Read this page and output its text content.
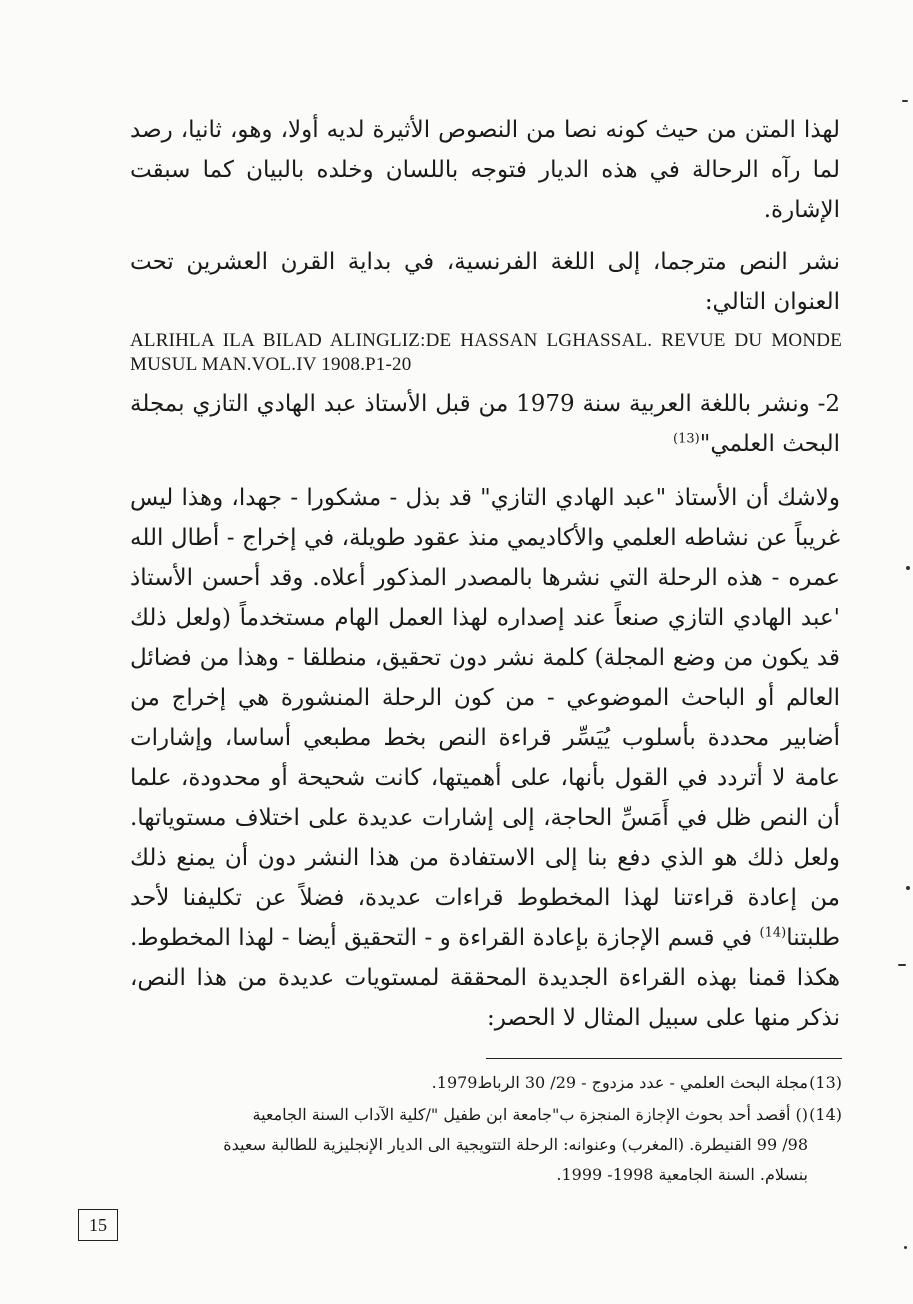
لهذا المتن من حيث كونه نصا من النصوص الأثيرة لديه أولا، وهو، ثانيا، رصد لما رآه الرحالة في هذه الديار فتوجه باللسان وخلده بالبيان كما سبقت الإشارة.

نشر النص مترجما، إلى اللغة الفرنسية، في بداية القرن العشرين تحت العنوان التالي:

ALRIHLA ILA BILAD ALINGLIZ:DE HASSAN LGHASSAL. REVUE DU MONDE MUSUL MAN.VOL.IV 1908.P1-20

2- ونشر باللغة العربية سنة 1979 من قبل الأستاذ عبد الهادي التازي بمجلة البحث العلمي"$^{(13)}$

ولاشك أن الأستاذ "عبد الهادي التازي" قد بذل - مشكورا - جهدا، وهذا ليس غريباً عن نشاطه العلمي والأكاديمي منذ عقود طويلة، في إخراج - أطال الله عمره - هذه الرحلة التي نشرها بالمصدر المذكور أعلاه. وقد أحسن الأستاذ 'عبد الهادي التازي صنعاً عند إصداره لهذا العمل الهام مستخدماً (ولعل ذلك قد يكون من وضع المجلة) كلمة نشر دون تحقيق، منطلقا - وهذا من فضائل العالم أو الباحث الموضوعي - من كون الرحلة المنشورة هي إخراج من أضابير محددة بأسلوب يُيَسِّر قراءة النص بخط مطبعي أساسا، وإشارات عامة لا أتردد في القول بأنها، على أهميتها، كانت شحيحة أو محدودة، علما أن النص ظل في أَمَسِّ الحاجة، إلى إشارات عديدة على اختلاف مستوياتها. ولعل ذلك هو الذي دفع بنا إلى الاستفادة من هذا النشر دون أن يمنع ذلك من إعادة قراءتنا لهذا المخطوط قراءات عديدة، فضلاً عن تكليفنا لأحد طلبتنا$^{(14)}$ في قسم الإجازة بإعادة القراءة و - التحقيق أيضا - لهذا المخطوط. هكذا قمنا بهذه القراءة الجديدة المحققة لمستويات عديدة من هذا النص، نذكر منها على سبيل المثال لا الحصر:

(13)مجلة البحث العلمي - عدد مزدوج - 29/ 30 الرباط1979.
(14)() أقصد أحد بحوث الإجازة المنجزة ب"جامعة ابن طفيل "/كلية الآداب السنة الجامعية
98/ 99 القنيطرة. (المغرب) وعنوانه: الرحلة التتويجية الى الديار الإنجليزية للطالبة سعيدة
بنسلام. السنة الجامعية 1998- 1999.
15
